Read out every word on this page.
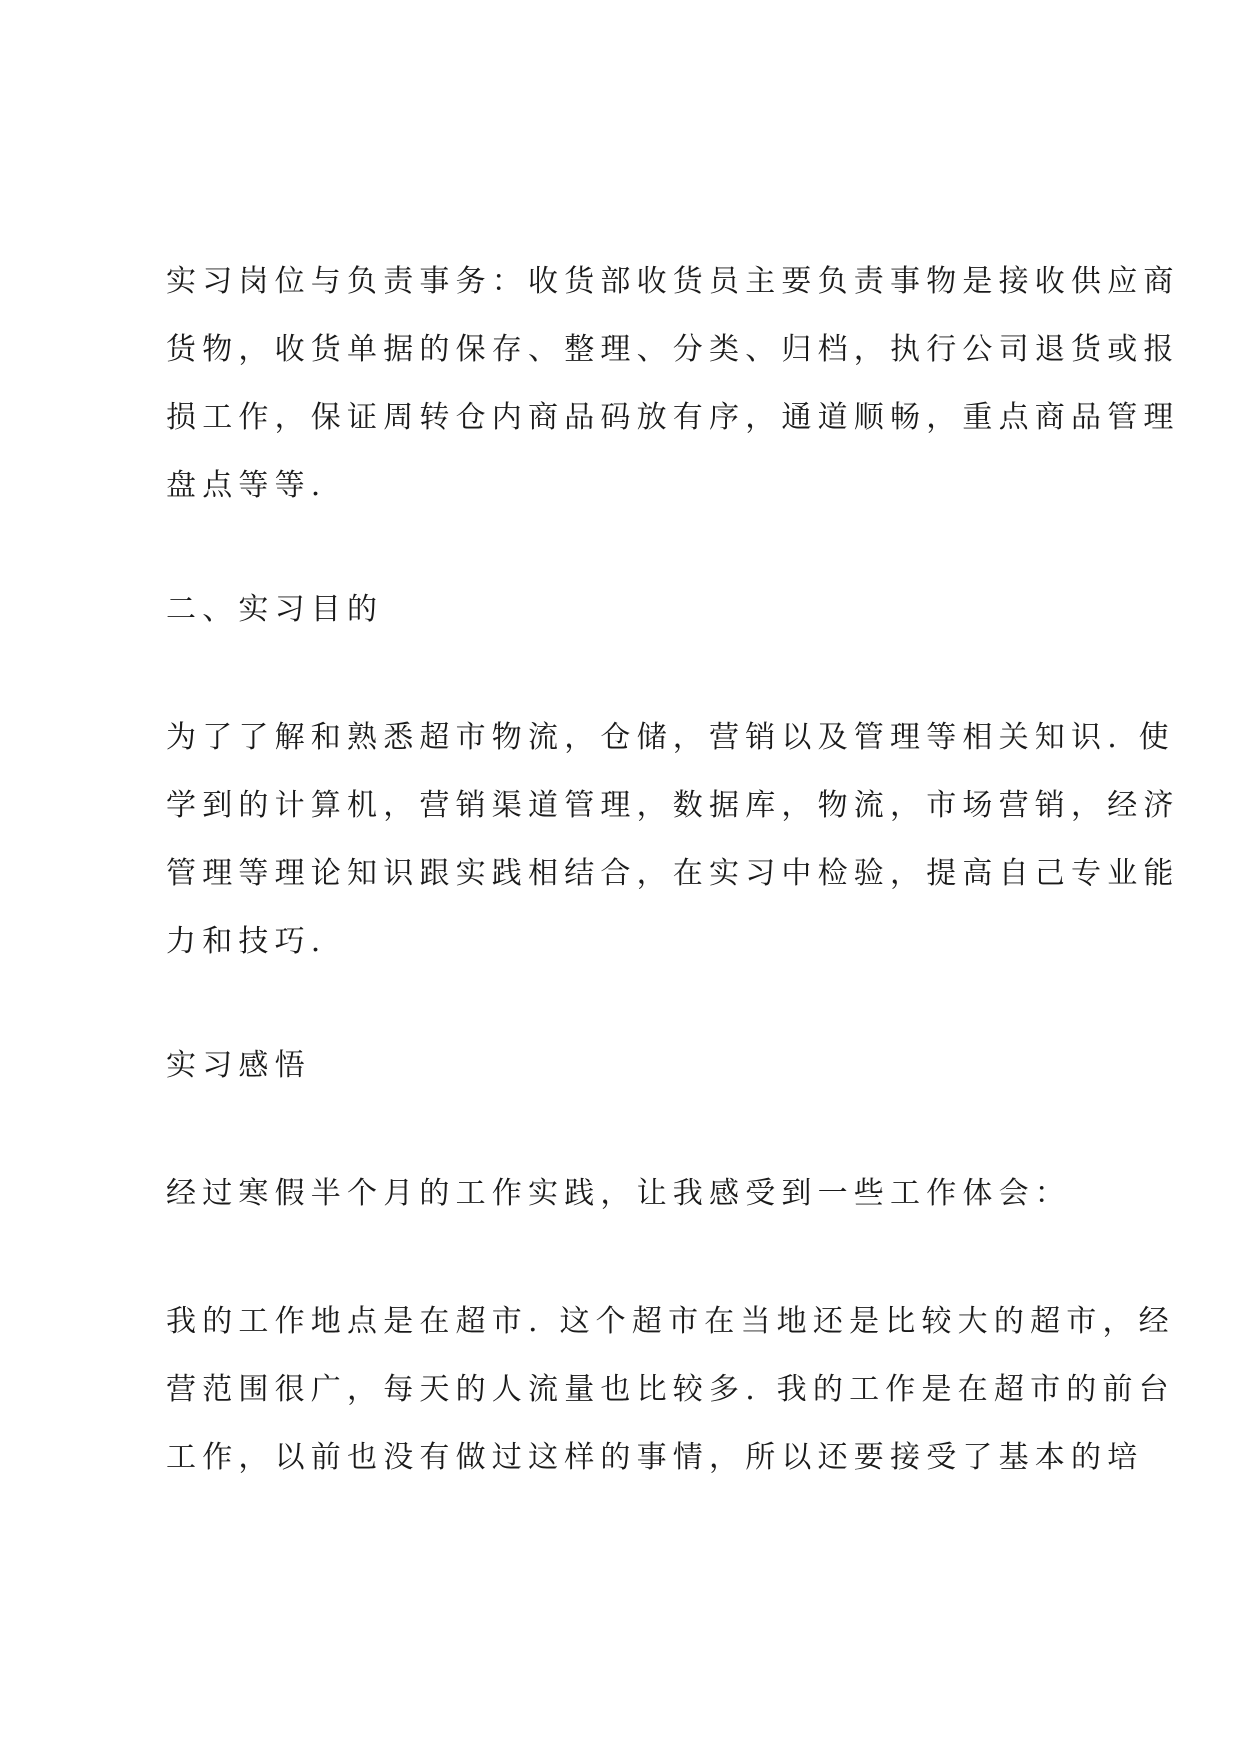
实习岗位与负责事务：收货部收货员主要负责事物是接收供应商
货物，收货单据的保存、整理、分类、归档，执行公司退货或报
损工作，保证周转仓内商品码放有序，通道顺畅，重点商品管理
盘点等等.
二、实习目的
为了了解和熟悉超市物流，仓储，营销以及管理等相关知识. 使
学到的计算机，营销渠道管理，数据库，物流，市场营销，经济
管理等理论知识跟实践相结合，在实习中检验，提高自己专业能
力和技巧.
实习感悟
经过寒假半个月的工作实践，让我感受到一些工作体会：
我的工作地点是在超市. 这个超市在当地还是比较大的超市，经
营范围很广，每天的人流量也比较多. 我的工作是在超市的前台
工作，以前也没有做过这样的事情，所以还要接受了基本的培
